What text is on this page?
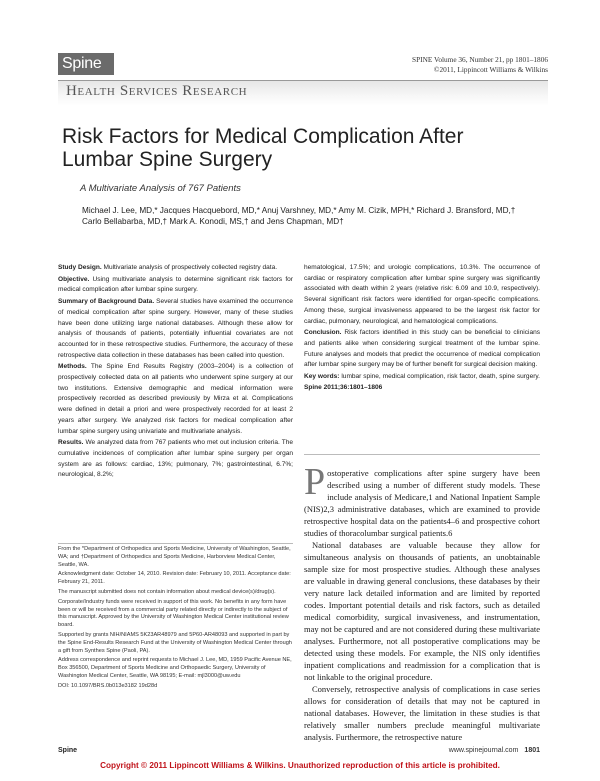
Spine	SPINE Volume 36, Number 21, pp 1801–1806
©2011, Lippincott Williams & Wilkins
Health Services Research
Risk Factors for Medical Complication After Lumbar Spine Surgery
A Multivariate Analysis of 767 Patients
Michael J. Lee, MD,* Jacques Hacquebord, MD,* Anuj Varshney, MD,* Amy M. Cizik, MPH,* Richard J. Bransford, MD,† Carlo Bellabarba, MD,† Mark A. Konodi, MS,† and Jens Chapman, MD†

Study Design. Multivariate analysis of prospectively collected registry data.

Objective. Using multivariate analysis to determine significant risk factors for medical complication after lumbar spine surgery.

Summary of Background Data. Several studies have examined the occurrence of medical complication after spine surgery. However, many of these studies have been done utilizing large national databases. Although these allow for analysis of thousands of patients, potentially influential covariates are not accounted for in these retrospective studies. Furthermore, the accuracy of these retrospective data collection in these databases has been called into question.

Methods. The Spine End Results Registry (2003–2004) is a collection of prospectively collected data on all patients who underwent spine surgery at our two institutions. Extensive demographic and medical information were prospectively recorded as described previously by Mirza et al. Complications were defined in detail a priori and were prospectively recorded for at least 2 years after surgery. We analyzed risk factors for medical complication after lumbar spine surgery using univariate and multivariate analysis.

Results. We analyzed data from 767 patients who met out inclusion criteria. The cumulative incidences of complication after lumbar spine surgery per organ system are as follows: cardiac, 13%; pulmonary, 7%; gastrointestinal, 6.7%; neurological, 8.2%;

hematological, 17.5%; and urologic complications, 10.3%. The occurrence of cardiac or respiratory complication after lumbar spine surgery was significantly associated with death within 2 years (relative risk: 6.09 and 10.9, respectively). Several significant risk factors were identified for organ-specific complications. Among these, surgical invasiveness appeared to be the largest risk factor for cardiac, pulmonary, neurological, and hematological complications.

Conclusion. Risk factors identified in this study can be beneficial to clinicians and patients alike when considering surgical treatment of the lumbar spine. Future analyses and models that predict the occurrence of medical complication after lumbar spine surgery may be of further benefit for surgical decision making.

Key words: lumbar spine, medical complication, risk factor, death, spine surgery. Spine 2011;36:1801–1806

From the *Department of Orthopedics and Sports Medicine, University of Washington, Seattle, WA; and †Department of Orthopedics and Sports Medicine, Harborview Medical Center, Seattle, WA.

Acknowledgment date: October 14, 2010. Revision date: February 10, 2011. Acceptance date: February 21, 2011.

The manuscript submitted does not contain information about medical device(s)/drug(s).

Corporate/Industry funds were received in support of this work. No benefits in any form have been or will be received from a commercial party related directly or indirectly to the subject of this manuscript. Approved by the University of Washington Medical Center institutional review board.

Supported by grants NIH/NIAMS 5K23AR48979 and 5P60-AR48093 and supported in part by the Spine End-Results Research Fund at the University of Washington Medical Center through a gift from Synthes Spine (Paoli, PA).

Address correspondence and reprint requests to Michael J. Lee, MD, 1959 Pacific Avenue NE, Box 356500, Department of Sports Medicine and Orthopaedic Surgery, University of Washington Medical Center, Seattle, WA 98195; E-mail: mjl3000@uw.edu

DOI: 10.1097/BRS.0b013e3182 19d28d

Postoperative complications after spine surgery have been described using a number of different study models. These include analysis of Medicare,1 and National Inpatient Sample (NIS)2,3 administrative databases, which are examined to provide retrospective hospital data on the patients4–6 and prospective cohort studies of thoracolumbar surgical patients.6

National databases are valuable because they allow for simultaneous analysis on thousands of patients, an unobtainable sample size for most prospective studies. Although these analyses are valuable in drawing general conclusions, these databases by their very nature lack detailed information and are limited by reported codes. Important potential details and risk factors, such as detailed medical comorbidity, surgical invasiveness, and instrumentation, may not be captured and are not considered during these multivariate analyses. Furthermore, not all postoperative complications may be detected using these models. For example, the NIS only identifies inpatient complications and readmission for a complication that is not linkable to the original procedure.

Conversely, retrospective analysis of complications in case series allows for consideration of details that may not be captured in national databases. However, the limitation in these studies is that relatively smaller numbers preclude meaningful multivariate analysis. Furthermore, the retrospective nature

Spine	www.spinejournal.com 1801
Copyright © 2011 Lippincott Williams & Wilkins. Unauthorized reproduction of this article is prohibited.
